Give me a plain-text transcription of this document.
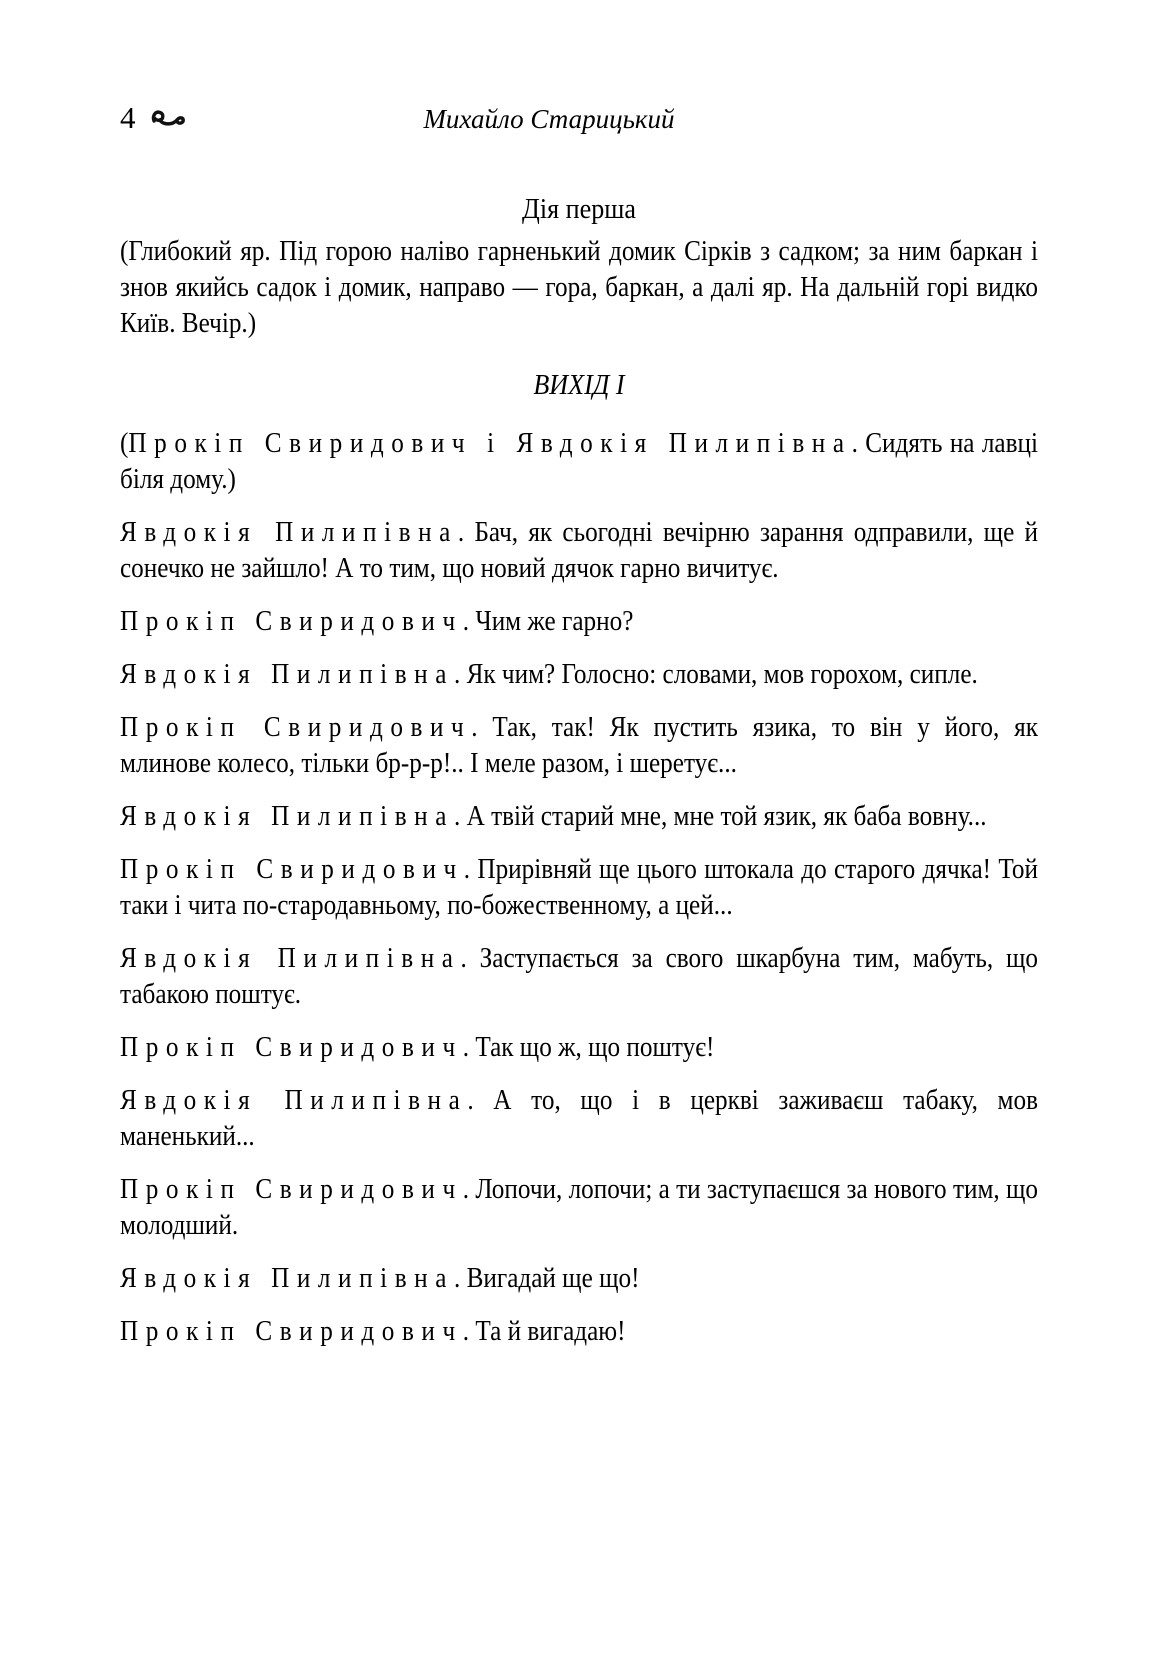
4	Михайло Старицький
Дія перша

(Глибокий яр. Під горою наліво гарненький домик Сірків з садком; за ним баркан і знов якийсь садок і домик, направо — гора, баркан, а далі яр. На дальній горі видко Київ. Вечір.)

ВИХІД І

(Прокіп Свиридович і Явдокія Пилипівна. Сидять на лавці біля дому.)

Явдокія Пилипівна. Бач, як сьогодні вечірню зарання одправили, ще й сонечко не зайшло! А то тим, що новий дячок гарно вичитує.

Прокіп Свиридович. Чим же гарно?

Явдокія Пилипівна. Як чим? Голосно: словами, мов горохом, сипле.

Прокіп Свиридович. Так, так! Як пустить язика, то він у його, як млинове колесо, тільки бр-р-р!.. І меле разом, і шеретує...

Явдокія Пилипівна. А твій старий мне, мне той язик, як баба вовну...

Прокіп Свиридович. Прирівняй ще цього штокала до старого дячка! Той таки і чита по-стародавньому, по-божественному, а цей...

Явдокія Пилипівна. Заступається за свого шкарбуна тим, мабуть, що табакою поштує.

Прокіп Свиридович. Так що ж, що поштує!

Явдокія Пилипівна. А то, що і в церкві заживаєш табаку, мов маненький...

Прокіп Свиридович. Лопочи, лопочи; а ти заступаєшся за нового тим, що молодший.

Явдокія Пилипівна. Вигадай ще що!

Прокіп Свиридович. Та й вигадаю!
